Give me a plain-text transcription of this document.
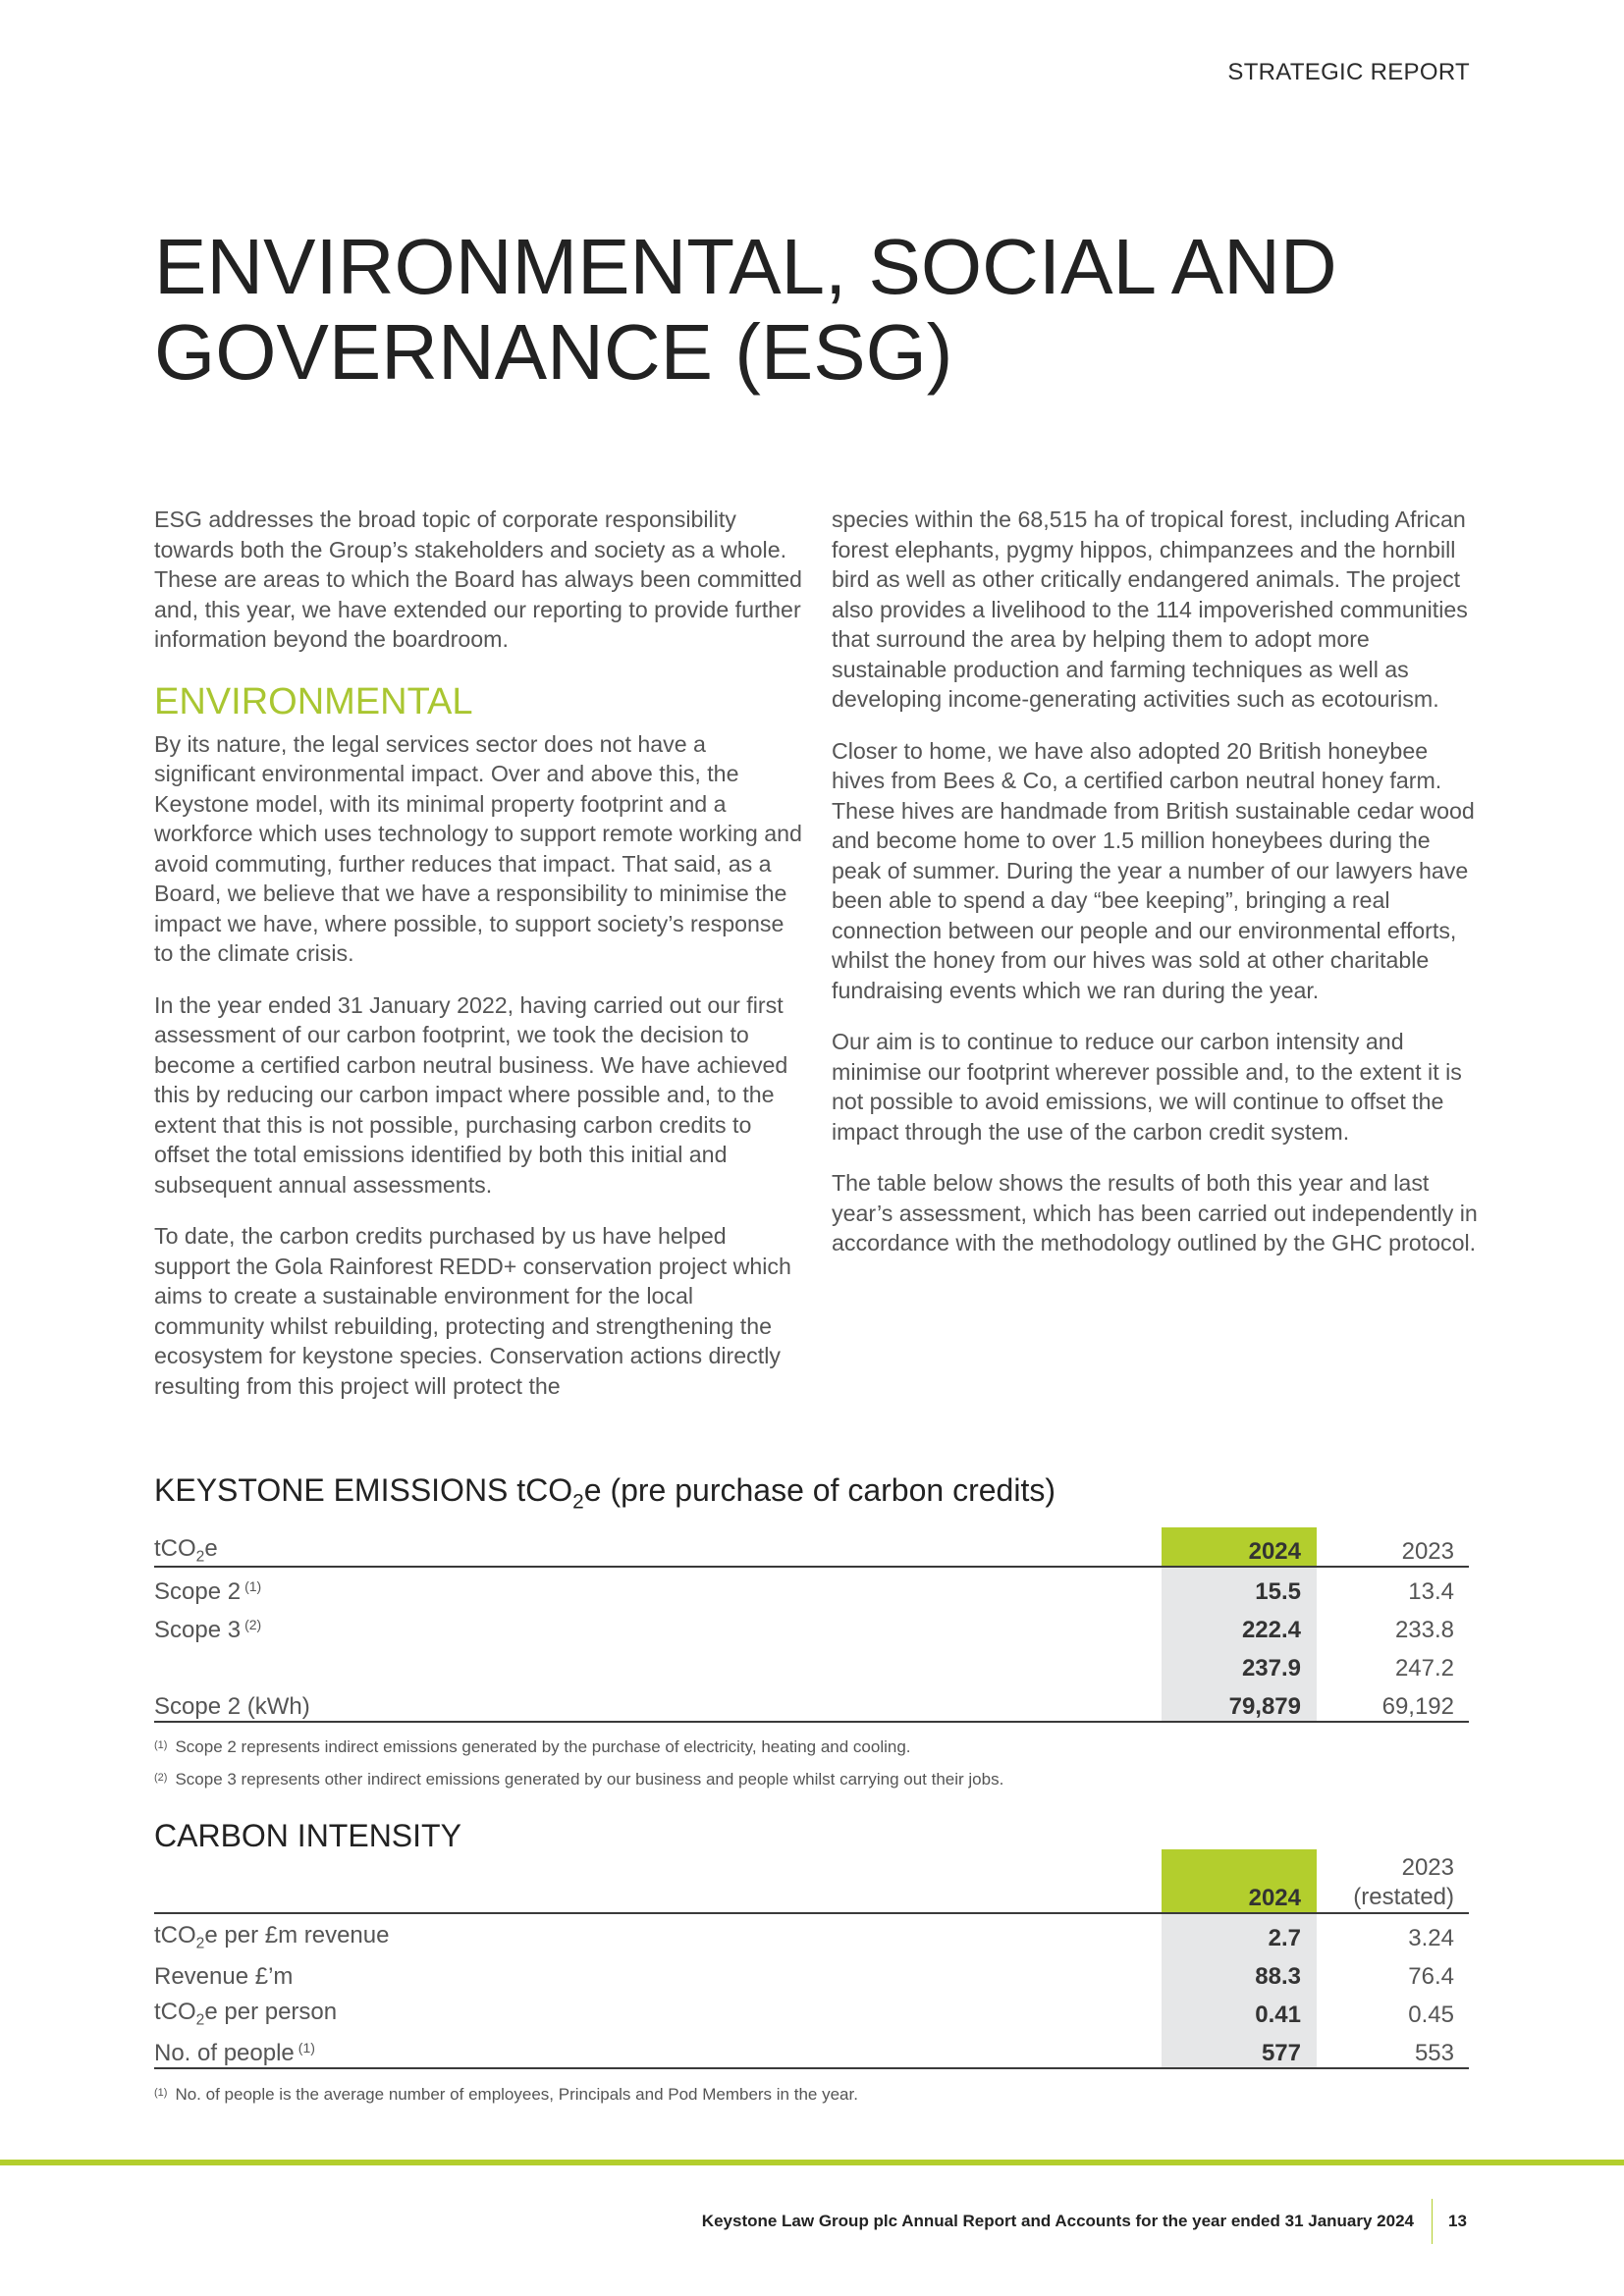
STRATEGIC REPORT
ENVIRONMENTAL, SOCIAL AND GOVERNANCE (ESG)

ESG addresses the broad topic of corporate responsibility towards both the Group’s stakeholders and society as a whole. These are areas to which the Board has always been committed and, this year, we have extended our reporting to provide further information beyond the boardroom.

ENVIRONMENTAL

By its nature, the legal services sector does not have a significant environmental impact. Over and above this, the Keystone model, with its minimal property footprint and a workforce which uses technology to support remote working and avoid commuting, further reduces that impact. That said, as a Board, we believe that we have a responsibility to minimise the impact we have, where possible, to support society’s response to the climate crisis.

In the year ended 31 January 2022, having carried out our first assessment of our carbon footprint, we took the decision to become a certified carbon neutral business. We have achieved this by reducing our carbon impact where possible and, to the extent that this is not possible, purchasing carbon credits to offset the total emissions identified by both this initial and subsequent annual assessments.

To date, the carbon credits purchased by us have helped support the Gola Rainforest REDD+ conservation project which aims to create a sustainable environment for the local community whilst rebuilding, protecting and strengthening the ecosystem for keystone species. Conservation actions directly resulting from this project will protect the

species within the 68,515 ha of tropical forest, including African forest elephants, pygmy hippos, chimpanzees and the hornbill bird as well as other critically endangered animals. The project also provides a livelihood to the 114 impoverished communities that surround the area by helping them to adopt more sustainable production and farming techniques as well as developing income-generating activities such as ecotourism.

Closer to home, we have also adopted 20 British honeybee hives from Bees & Co, a certified carbon neutral honey farm. These hives are handmade from British sustainable cedar wood and become home to over 1.5 million honeybees during the peak of summer. During the year a number of our lawyers have been able to spend a day “bee keeping”, bringing a real connection between our people and our environmental efforts, whilst the honey from our hives was sold at other charitable fundraising events which we ran during the year.

Our aim is to continue to reduce our carbon intensity and minimise our footprint wherever possible and, to the extent it is not possible to avoid emissions, we will continue to offset the impact through the use of the carbon credit system.

The table below shows the results of both this year and last year’s assessment, which has been carried out independently in accordance with the methodology outlined by the GHC protocol.

KEYSTONE EMISSIONS tCO$_2$e (pre purchase of carbon credits)
tCO$_2$e	2024	2023
Scope 2 $^{(1)}$	15.5	13.4
Scope 3 $^{(2)}$	222.4	233.8
	237.9	247.2
Scope 2 (kWh)	79,879	69,192
$^{(1)}$ Scope 2 represents indirect emissions generated by the purchase of electricity, heating and cooling.
$^{(2)}$ Scope 3 represents other indirect emissions generated by our business and people whilst carrying out their jobs.
CARBON INTENSITY
	2024	2023
(restated)
tCO$_2$e per £m revenue	2.7	3.24
Revenue £’m	88.3	76.4
tCO$_2$e per person	0.41	0.45
No. of people $^{(1)}$	577	553
$^{(1)}$ No. of people is the average number of employees, Principals and Pod Members in the year.
Keystone Law Group plc Annual Report and Accounts for the year ended 31 January 2024 13
